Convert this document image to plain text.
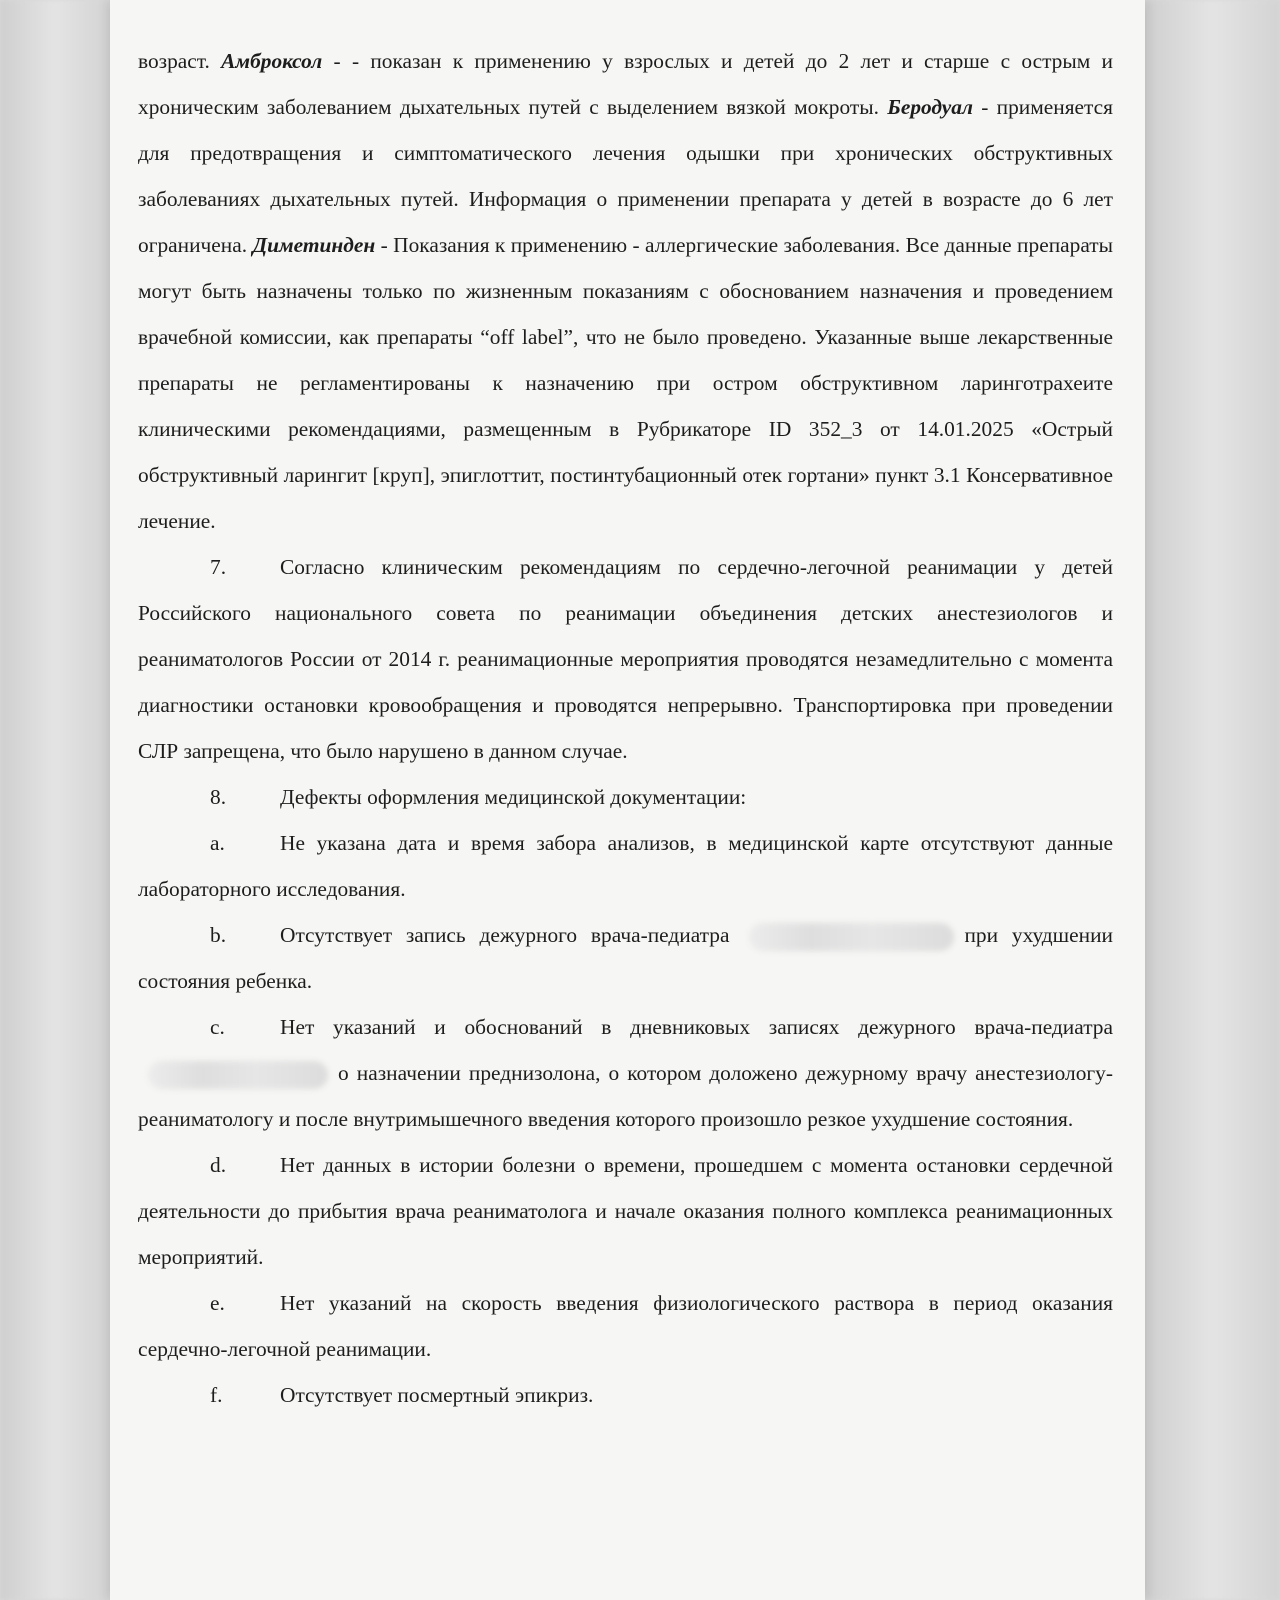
возраст. Амброксол - - показан к применению у взрослых и детей до 2 лет и старше с острым и хроническим заболеванием дыхательных путей с выделением вязкой мокроты. Беродуал - применяется для предотвращения и симптоматического лечения одышки при хронических обструктивных заболеваниях дыхательных путей. Информация о применении препарата у детей в возрасте до 6 лет ограничена. Диметинден - Показания к применению - аллергические заболевания. Все данные препараты могут быть назначены только по жизненным показаниям с обоснованием назначения и проведением врачебной комиссии, как препараты “off label”, что не было проведено. Указанные выше лекарственные препараты не регламентированы к назначению при остром обструктивном ларинготрахеите клиническими рекомендациями, размещенным в Рубрикаторе ID 352_3 от 14.01.2025 «Острый обструктивный ларингит [круп], эпиглоттит, постинтубационный отек гортани» пункт 3.1 Консервативное лечение.

7.	Согласно клиническим рекомендациям по сердечно-легочной реанимации у детей Российского национального совета по реанимации объединения детских анестезиологов и реаниматологов России от 2014 г. реанимационные мероприятия проводятся незамедлительно с момента диагностики остановки кровообращения и проводятся непрерывно. Транспортировка при проведении СЛР запрещена, что было нарушено в данном случае.

8.	Дефекты оформления медицинской документации:

a.	Не указана дата и время забора анализов, в медицинской карте отсутствуют данные лабораторного исследования.

b.	Отсутствует запись дежурного врача-педиатра	при ухудшении состояния ребенка.

c.	Нет указаний и обоснований в дневниковых записях дежурного врача-педиатрао назначении преднизолона, о котором доложено дежурному врачу анестезиологу-реаниматологу и после внутримышечного введения которого произошло резкое ухудшение состояния.

d.	Нет данных в истории болезни о времени, прошедшем с момента остановки сердечной деятельности до прибытия врача реаниматолога и начале оказания полного комплекса реанимационных мероприятий.

e.	Нет указаний на скорость введения физиологического раствора в период оказания сердечно-легочной реанимации.

f.	Отсутствует посмертный эпикриз.
